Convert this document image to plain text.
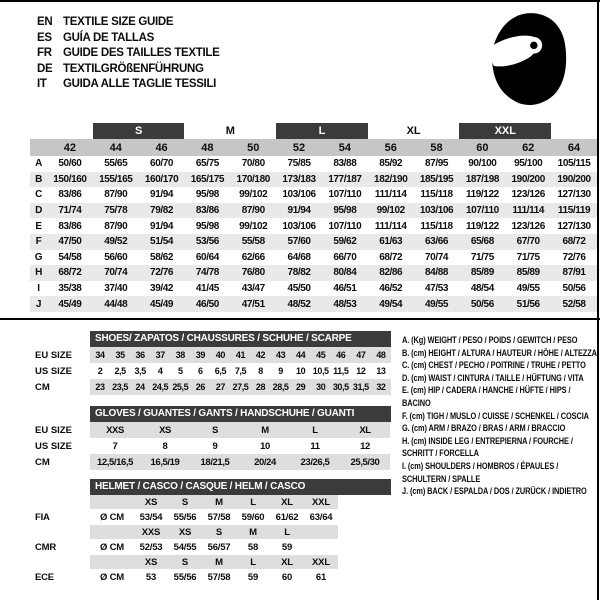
EN TEXTILE SIZE GUIDE
ES GUÍA DE TALLAS
FR GUIDE DES TAILLES TEXTILE
DE TEXTILGRÖßENFÜHRUNG
IT	GUIDA ALLE TAGLIE TESSILI
		S		M		L		XL		XXL		
	42	44	46	48	50	52	54	56	58	60	62	64
A	50/60	55/65	60/70	65/75	70/80	75/85	83/88	85/92	87/95	90/100	95/100	105/115
B	150/160	155/165	160/170	165/175	170/180	173/183	177/187	182/190	185/195	187/198	190/200	190/200
C	83/86	87/90	91/94	95/98	99/102	103/106	107/110	111/114	115/118	119/122	123/126	127/130
D	71/74	75/78	79/82	83/86	87/90	91/94	95/98	99/102	103/106	107/110	111/114	115/119
E	83/86	87/90	91/94	95/98	99/102	103/106	107/110	111/114	115/118	119/122	123/126	127/130
F	47/50	49/52	51/54	53/56	55/58	57/60	59/62	61/63	63/66	65/68	67/70	68/72
G	54/58	56/60	58/62	60/64	62/66	64/68	66/70	68/72	70/74	71/75	71/75	72/76
H	68/72	70/74	72/76	74/78	76/80	78/82	80/84	82/86	84/88	85/89	85/89	87/91
I	35/38	37/40	39/42	41/45	43/47	45/50	46/51	46/52	47/53	48/54	49/55	50/56
J	45/49	44/48	45/49	46/50	47/51	48/52	48/53	49/54	49/55	50/56	51/56	52/58
SHOES/ ZAPATOS / CHAUSSURES / SCHUHE / SCARPE
EU SIZE	34	35	36	37	38	39	40	41	42	43	44	45	46	47	48
US SIZE	2	2,5	3,5	4	5	6	6,5	7,5	8	9	10	10,5	11,5	12	13
CM	23	23,5	24	24,5	25,5	26	27	27,5	28	28,5	29	30	30,5	31,5	32
GLOVES / GUANTES / GANTS / HANDSCHUHE / GUANTI
EU SIZE	XXS	XS	S	M	L	XL
US SIZE	7	8	9	10	11	12
CM	12,5/16,5	16,5/19	18/21,5	20/24	23/26,5	25,5/30
HELMET / CASCO / CASQUE / HELM / CASCO
		XS	S	M	L	XL	XXL
FIA	Ø CM	53/54	55/56	57/58	59/60	61/62	63/64
		XXS	XS	S	M	L	
CMR	Ø CM	52/53	54/55	56/57	58	59	
		XS	S	M	L	XL	XXL
ECE	Ø CM	53	55/56	57/58	59	60	61
A. (Kg) WEIGHT / PESO / POIDS / GEWITCH / PESO
B. (cm) HEIGHT / ALTURA / HAUTEUR / HÖHE / ALTEZZA
C. (cm) CHEST / PECHO / POITRINE / TRUHE / PETTO
D. (cm) WAIST / CINTURA / TAILLE / HÜFTUNG / VITA
E. (cm) HIP / CADERA / HANCHE / HÜFTE / HIPS / BACINO
F. (cm) TIGH / MUSLO / CUISSE / SCHENKEL / COSCIA
G. (cm) ARM / BRAZO / BRAS / ARM / BRACCIO
H. (cm) INSIDE LEG / ENTREPIERNA / FOURCHE / SCHRITT / FORCELLA
I. (cm) SHOULDERS / HOMBROS / ÉPAULES / SCHULTERN / SPALLE
J. (cm) BACK / ESPALDA / DOS / ZURÜCK / INDIETRO
